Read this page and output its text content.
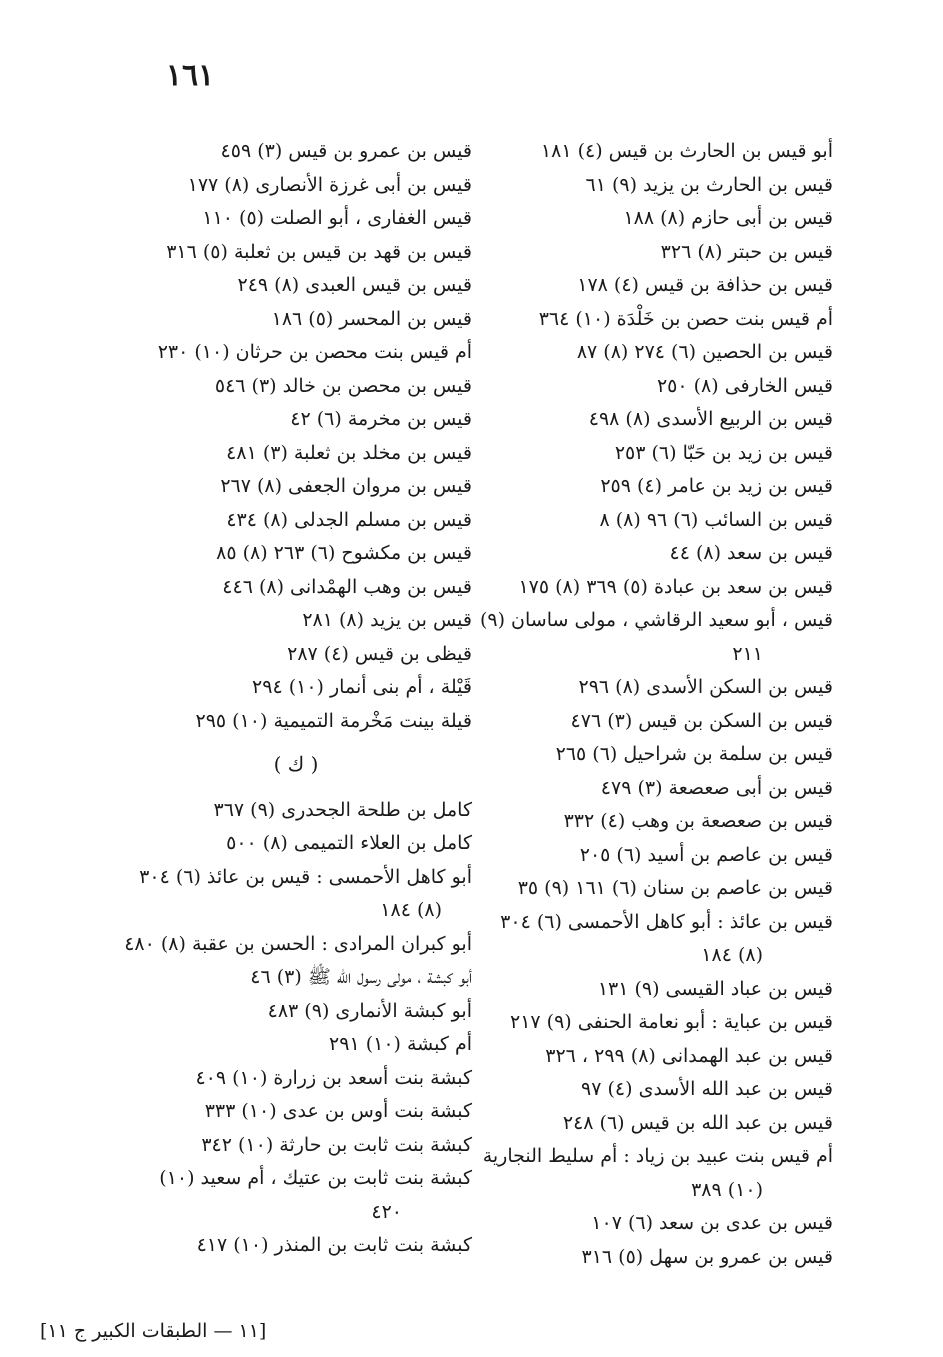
١٦١
أبو قيس بن الحارث بن قيس (٤) ١٨١
قيس بن الحارث بن يزيد (٩) ٦١
قيس بن أبى حازم (٨) ١٨٨
قيس بن حبتر (٨) ٣٢٦
قيس بن حذافة بن قيس (٤) ١٧٨
أم قيس بنت حصن بن خَلْدَة (١٠) ٣٦٤
قيس بن الحصين (٦) ٢٧٤ (٨) ٨٧
قيس الخارفى (٨) ٢٥٠
قيس بن الربيع الأسدى (٨) ٤٩٨
قيس بن زيد بن حَبّا (٦) ٢٥٣
قيس بن زيد بن عامر (٤) ٢٥٩
قيس بن السائب (٦) ٩٦ (٨) ٨
قيس بن سعد (٨) ٤٤
قيس بن سعد بن عبادة (٥) ٣٦٩ (٨) ١٧٥
قيس ، أبو سعيد الرقاشي ، مولى ساسان (٩)
٢١١
قيس بن السكن الأسدى (٨) ٢٩٦
قيس بن السكن بن قيس (٣) ٤٧٦
قيس بن سلمة بن شراحيل (٦) ٢٦٥
قيس بن أبى صعصعة (٣) ٤٧٩
قيس بن صعصعة بن وهب (٤) ٣٣٢
قيس بن عاصم بن أسيد (٦) ٢٠٥
قيس بن عاصم بن سنان (٦) ١٦١ (٩) ٣٥
قيس بن عائذ : أبو كاهل الأحمسى (٦) ٣٠٤
(٨) ١٨٤
قيس بن عباد القيسى (٩) ١٣١
قيس بن عباية : أبو نعامة الحنفى (٩) ٢١٧
قيس بن عبد الهمدانى (٨) ٢٩٩ ، ٣٢٦
قيس بن عبد الله الأسدى (٤) ٩٧
قيس بن عبد الله بن قيس (٦) ٢٤٨
أم قيس بنت عبيد بن زياد : أم سليط النجارية
(١٠) ٣٨٩
قيس بن عدى بن سعد (٦) ١٠٧
قيس بن عمرو بن سهل (٥) ٣١٦
قيس بن عمرو بن قيس (٣) ٤٥٩
قيس بن أبى غرزة الأنصارى (٨) ١٧٧
قيس الغفارى ، أبو الصلت (٥) ١١٠
قيس بن قهد بن قيس بن ثعلبة (٥) ٣١٦
قيس بن قيس العبدى (٨) ٢٤٩
قيس بن المحسر (٥) ١٨٦
أم قيس بنت محصن بن حرثان (١٠) ٢٣٠
قيس بن محصن بن خالد (٣) ٥٤٦
قيس بن مخرمة (٦) ٤٢
قيس بن مخلد بن ثعلبة (٣) ٤٨١
قيس بن مروان الجعفى (٨) ٢٦٧
قيس بن مسلم الجدلى (٨) ٤٣٤
قيس بن مكشوح (٦) ٢٦٣ (٨) ٨٥
قيس بن وهب الهمْدانى (٨) ٤٤٦
قيس بن يزيد (٨) ٢٨١
قيظى بن قيس (٤) ٢٨٧
قَيْلة ، أم بنى أنمار (١٠) ٢٩٤
قيلة بينت مَخْرمة التميمية (١٠) ٢٩٥
( ك )
كامل بن طلحة الجحدرى (٩) ٣٦٧
كامل بن العلاء التميمى (٨) ٥٠٠
أبو كاهل الأحمسى : قيس بن عائذ (٦) ٣٠٤
(٨) ١٨٤
أبو كبران المرادى : الحسن بن عقبة (٨) ٤٨٠
أبو كبشة ، مولى رسول الله ﷺ (٣) ٤٦
أبو كبشة الأنمارى (٩) ٤٨٣
أم كبشة (١٠) ٢٩١
كبشة بنت أسعد بن زرارة (١٠) ٤٠٩
كبشة بنت أوس بن عدى (١٠) ٣٣٣
كبشة بنت ثابت بن حارثة (١٠) ٣٤٢
كبشة بنت ثابت بن عتيك ، أم سعيد (١٠)
٤٢٠
كبشة بنت ثابت بن المنذر (١٠) ٤١٧
[١١ — الطبقات الكبير ج ١١]
